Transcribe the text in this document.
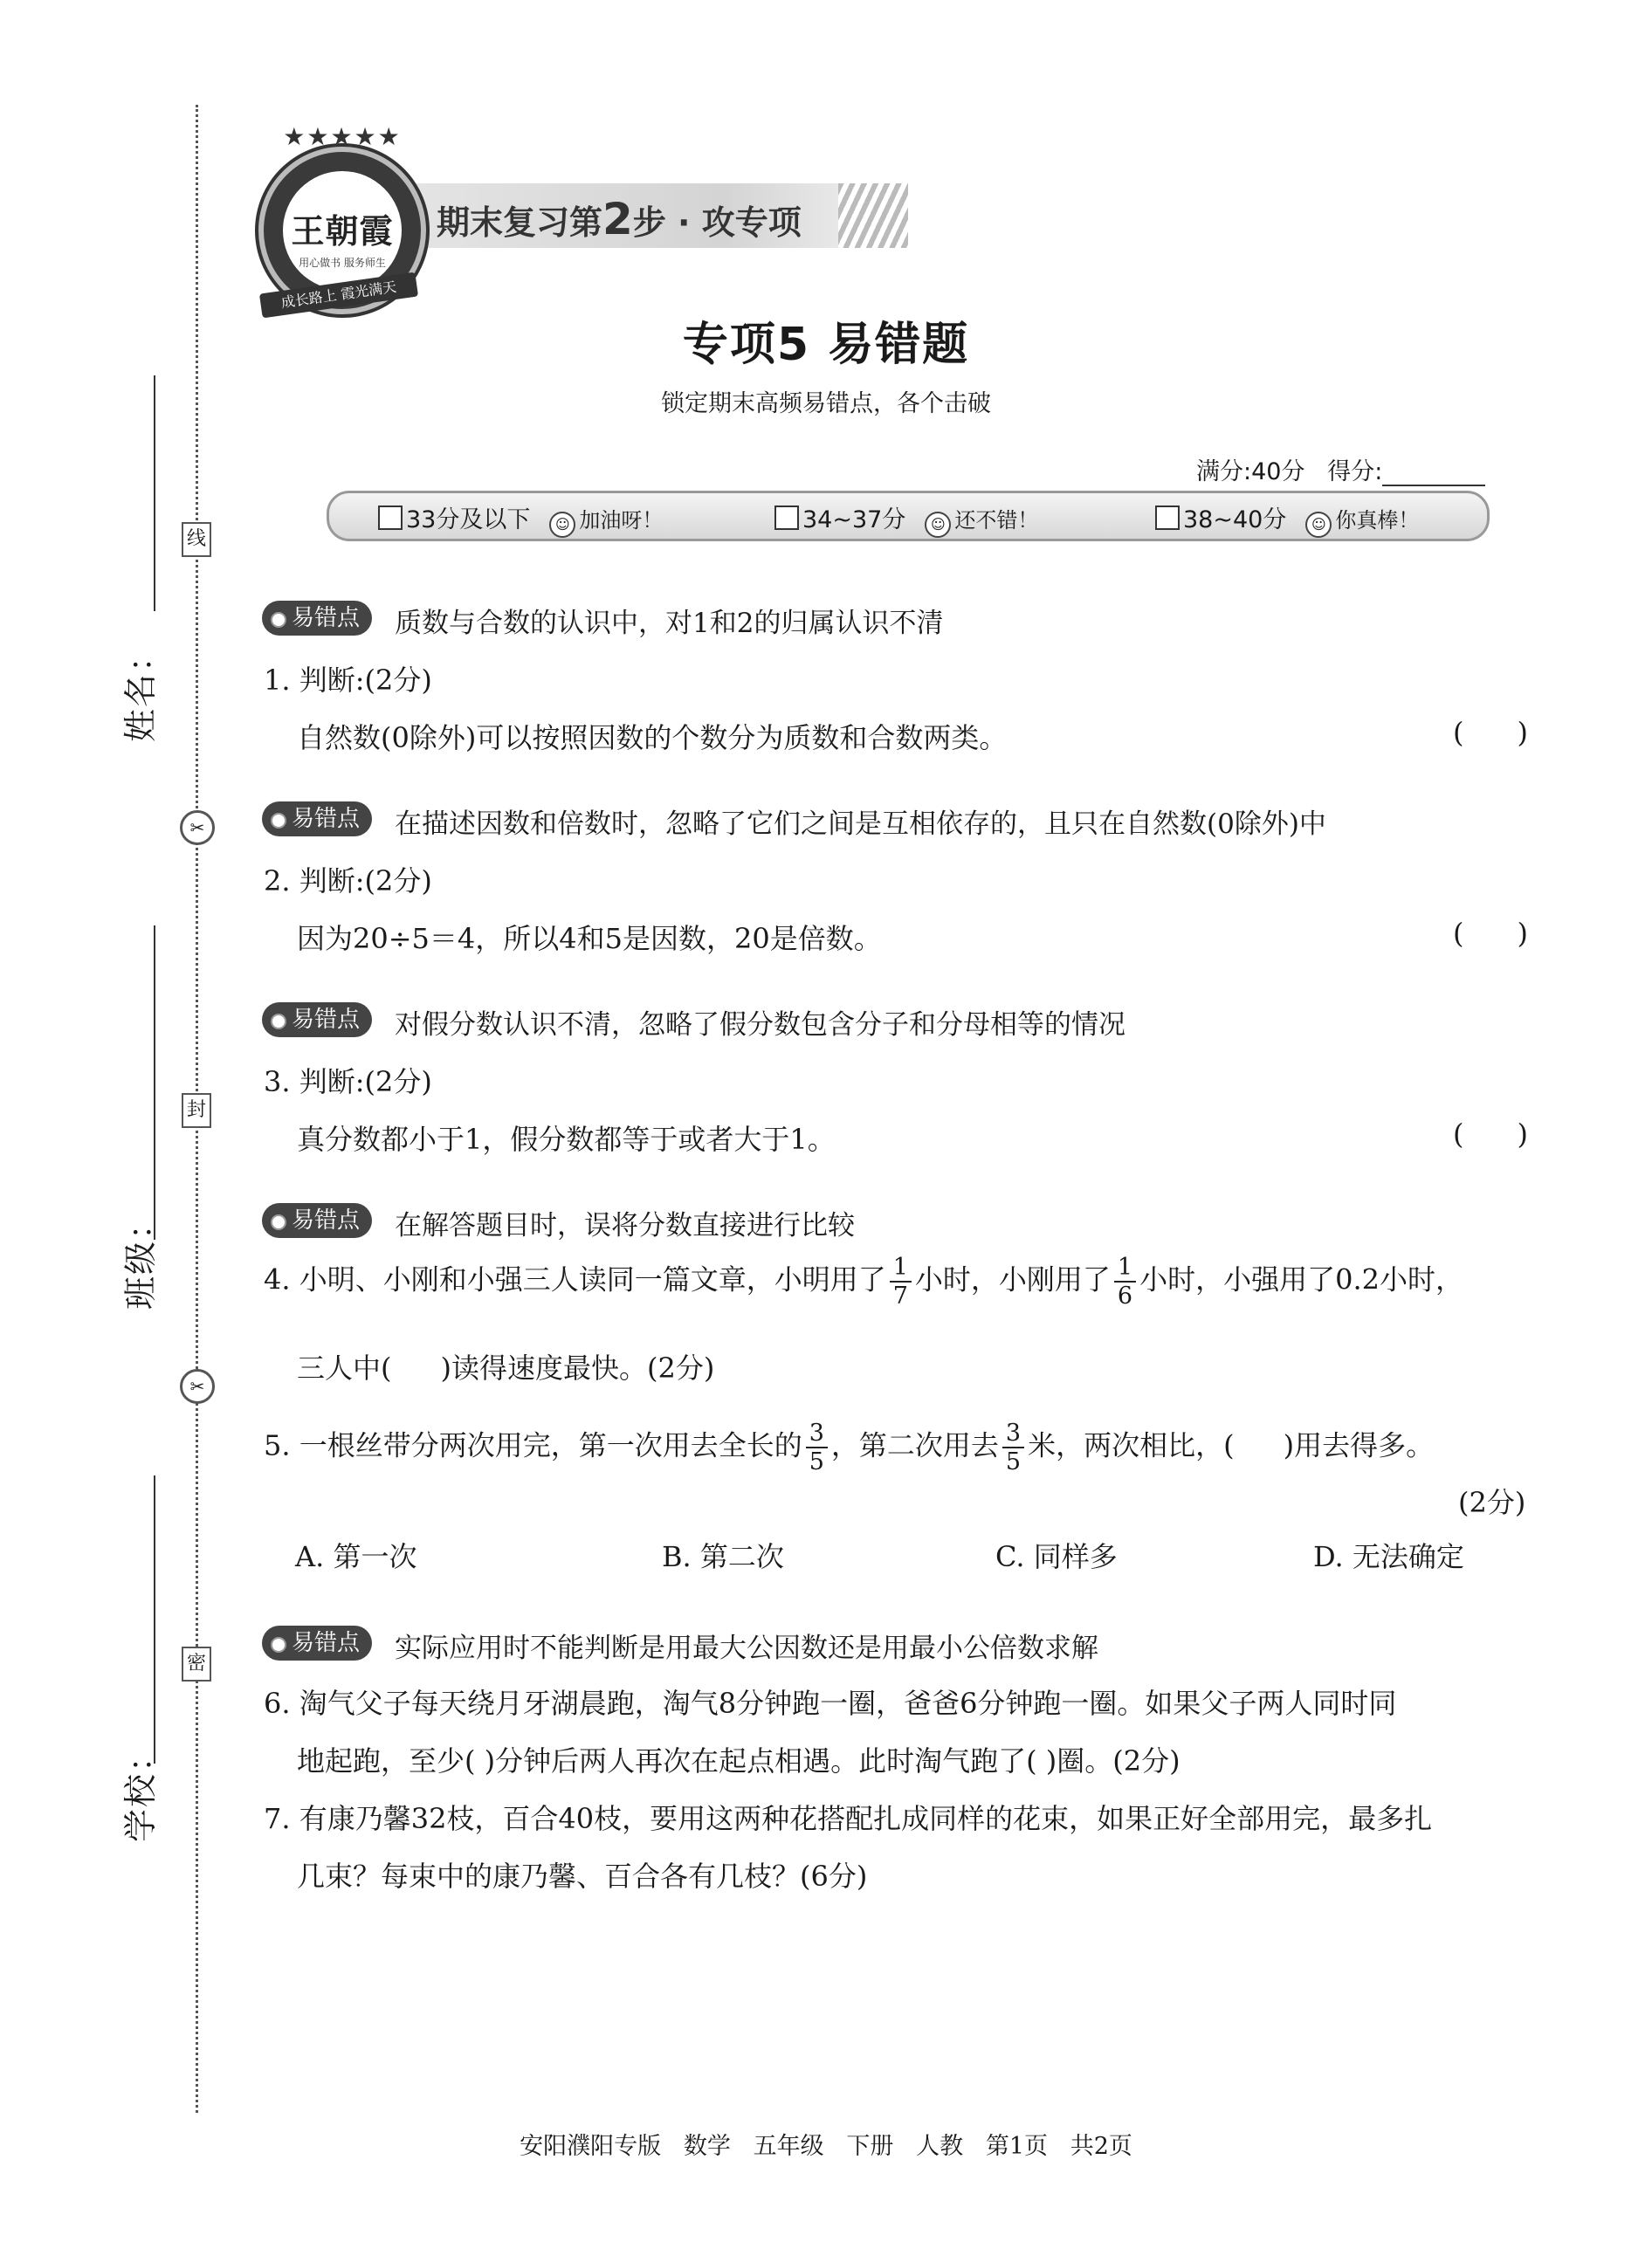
姓名：
班级：
学校：
线
封
密
✂
✂
期末复习第2步 · 攻专项
★★★★★
王朝霞
用心做书 服务师生
成长路上 霞光满天
专项5 易错题
锁定期末高频易错点，各个击破
满分:40分 得分:
33分及以下 ☺ 加油呀！	34~37分 ☺ 还不错！	38~40分 ☺ 你真棒！
易错点	质数与合数的认识中，对1和2的归属认识不清
1. 判断:(2分)
自然数(0除外)可以按照因数的个数分为质数和合数两类。	(      )
易错点	在描述因数和倍数时，忽略了它们之间是互相依存的，且只在自然数(0除外)中
2. 判断:(2分)
因为20÷5＝4，所以4和5是因数，20是倍数。	(      )
易错点	对假分数认识不清，忽略了假分数包含分子和分母相等的情况
3. 判断:(2分)
真分数都小于1，假分数都等于或者大于1。	(      )
易错点	在解答题目时，误将分数直接进行比较
4. 小明、小刚和小强三人读同一篇文章，小明用了 $\frac{1}{7}$ 小时，小刚用了 $\frac{1}{6}$ 小时，小强用了0.2小时，
三人中( )读得速度最快。(2分)
5. 一根丝带分两次用完，第一次用去全长的 $\frac{3}{5}$ ，第二次用去 $\frac{3}{5}$ 米，两次相比，( )用去得多。
(2分)
A. 第一次	B. 第二次	C. 同样多	D. 无法确定
易错点	实际应用时不能判断是用最大公因数还是用最小公倍数求解
6. 淘气父子每天绕月牙湖晨跑，淘气8分钟跑一圈，爸爸6分钟跑一圈。如果父子两人同时同
地起跑，至少( )分钟后两人再次在起点相遇。此时淘气跑了( )圈。(2分)
7. 有康乃馨32枝，百合40枝，要用这两种花搭配扎成同样的花束，如果正好全部用完，最多扎
几束？每束中的康乃馨、百合各有几枝？(6分)
安阳濮阳专版   数学   五年级   下册   人教   第1页   共2页
